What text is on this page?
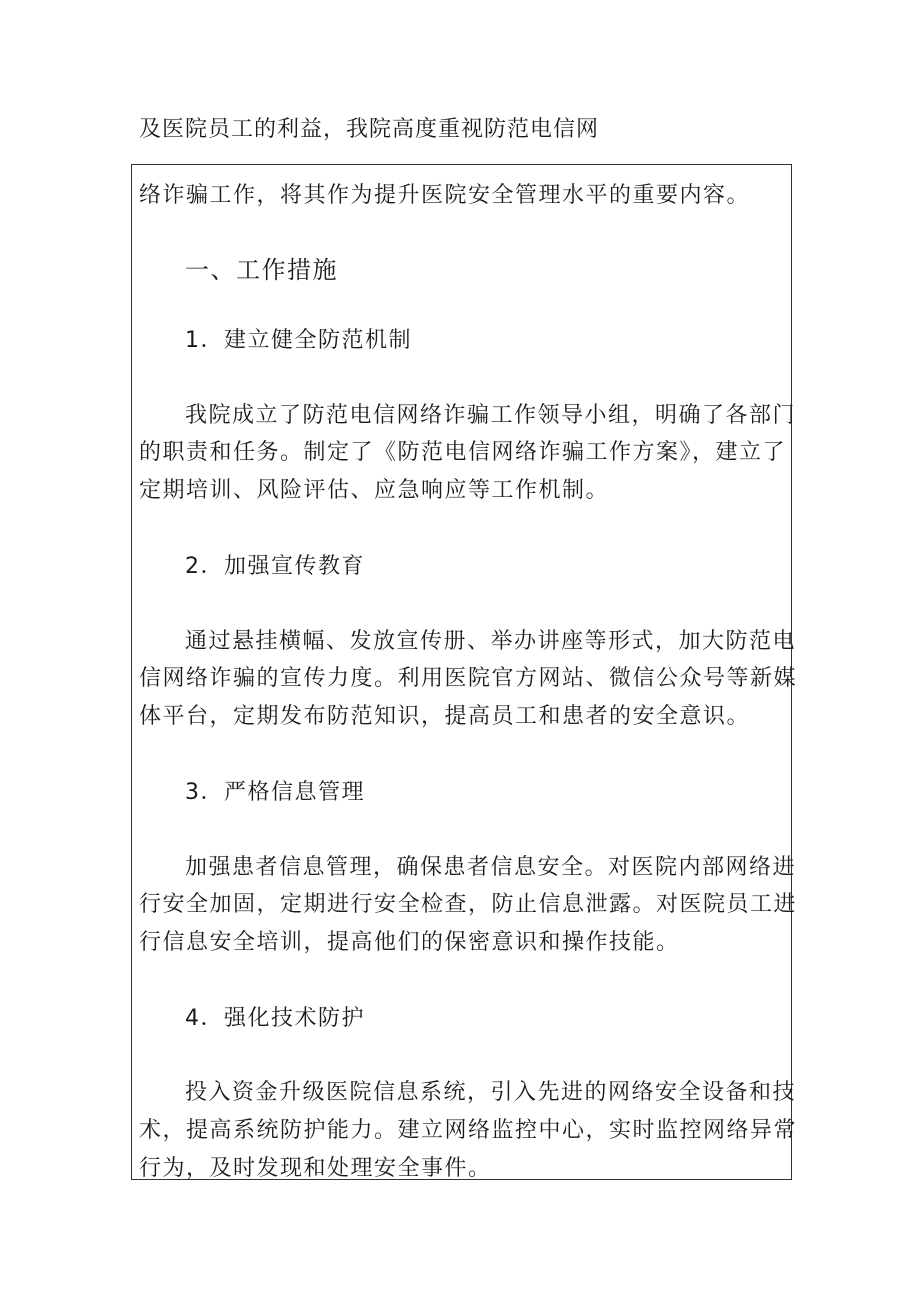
及医院员工的利益，我院高度重视防范电信网
络诈骗工作，将其作为提升医院安全管理水平的重要内容。
一、工作措施
1．建立健全防范机制
我院成立了防范电信网络诈骗工作领导小组，明确了各部门
的职责和任务。制定了《防范电信网络诈骗工作方案》，建立了
定期培训、风险评估、应急响应等工作机制。
2．加强宣传教育
通过悬挂横幅、发放宣传册、举办讲座等形式，加大防范电
信网络诈骗的宣传力度。利用医院官方网站、微信公众号等新媒
体平台，定期发布防范知识，提高员工和患者的安全意识。
3．严格信息管理
加强患者信息管理，确保患者信息安全。对医院内部网络进
行安全加固，定期进行安全检查，防止信息泄露。对医院员工进
行信息安全培训，提高他们的保密意识和操作技能。
4．强化技术防护
投入资金升级医院信息系统，引入先进的网络安全设备和技
术，提高系统防护能力。建立网络监控中心，实时监控网络异常
行为，及时发现和处理安全事件。
